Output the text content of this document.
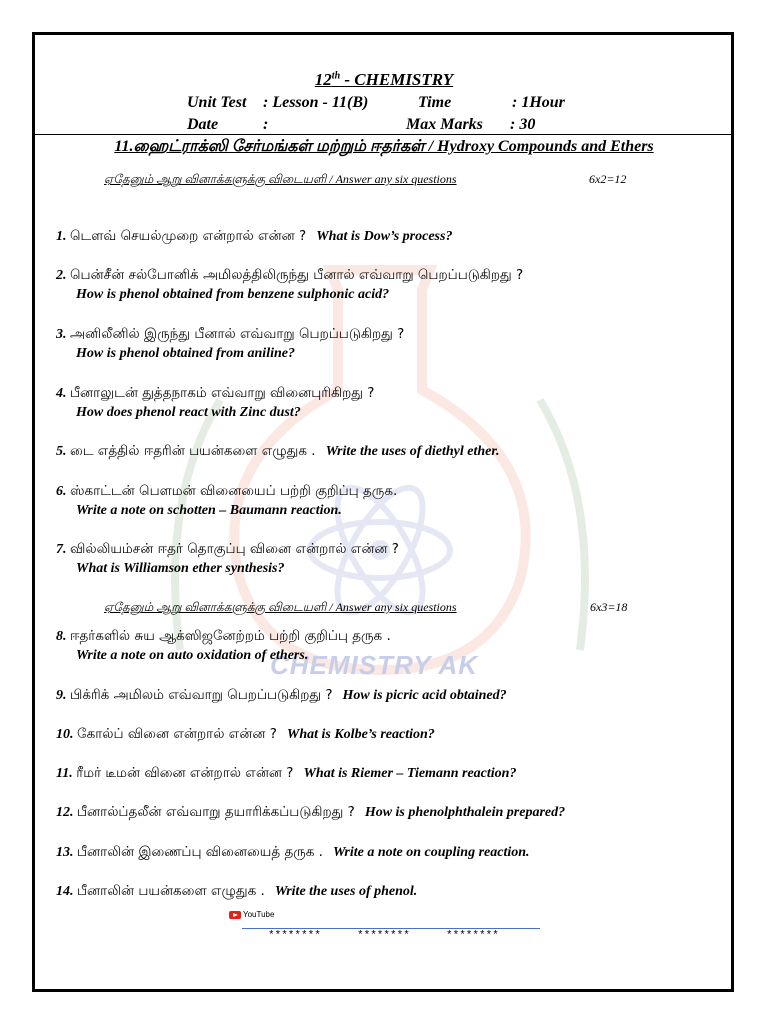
12th - CHEMISTRY
Unit Test : Lesson - 11(B)	Time	: 1Hour
Date	:	Max Marks : 30
11.ஹைட்ராக்ஸி சேர்மங்கள் மற்றும் ஈதர்கள் / Hydroxy Compounds and Ethers
ஏதேனும் ஆறு வினாக்களுக்கு விடையளி / Answer any six questions	6x2=12
ஏதேனும் ஆறு வினாக்களுக்கு விடையளி / Answer any six questions	6x3=18
CHEMISTRY AK
1. டௌவ் செயல்முறை என்றால் என்ன ? What is Dow’s process?
2. பென்சீன் சல்போனிக் அமிலத்திலிருந்து பீனால் எவ்வாறு பெறப்படுகிறது ?
How is phenol obtained from benzene sulphonic acid?
3. அனிலீனில் இருந்து பீனால் எவ்வாறு பெறப்படுகிறது ?
How is phenol obtained from aniline?
4. பீனாலுடன் துத்தநாகம் எவ்வாறு வினைபுரிகிறது ?
How does phenol react with Zinc dust?
5. டை எத்தில் ஈதரின் பயன்களை எழுதுக . Write the uses of diethyl ether.
6. ஸ்காட்டன் பௌமன் வினையைப் பற்றி குறிப்பு தருக.
Write a note on schotten – Baumann reaction.
7. வில்லியம்சன் ஈதர் தொகுப்பு வினை என்றால் என்ன ?
What is Williamson ether synthesis?
8. ஈதர்களில் சுய ஆக்ஸிஜனேற்றம் பற்றி குறிப்பு தருக .
Write a note on auto oxidation of ethers.
9. பிக்ரிக் அமிலம் எவ்வாறு பெறப்படுகிறது ? How is picric acid obtained?
10. கோல்ப் வினை என்றால் என்ன ? What is Kolbe’s reaction?
11. ரீமர் டீமன் வினை என்றால் என்ன ? What is Riemer – Tiemann reaction?
12. பீனால்ப்தலீன் எவ்வாறு தயாரிக்கப்படுகிறது ? How is phenolphthalein prepared?
13. பீனாலின் இணைப்பு வினையைத் தருக . Write a note on coupling reaction.
14. பீனாலின் பயன்களை எழுதுக . Write the uses of phenol.
YouTube
********	********	********
